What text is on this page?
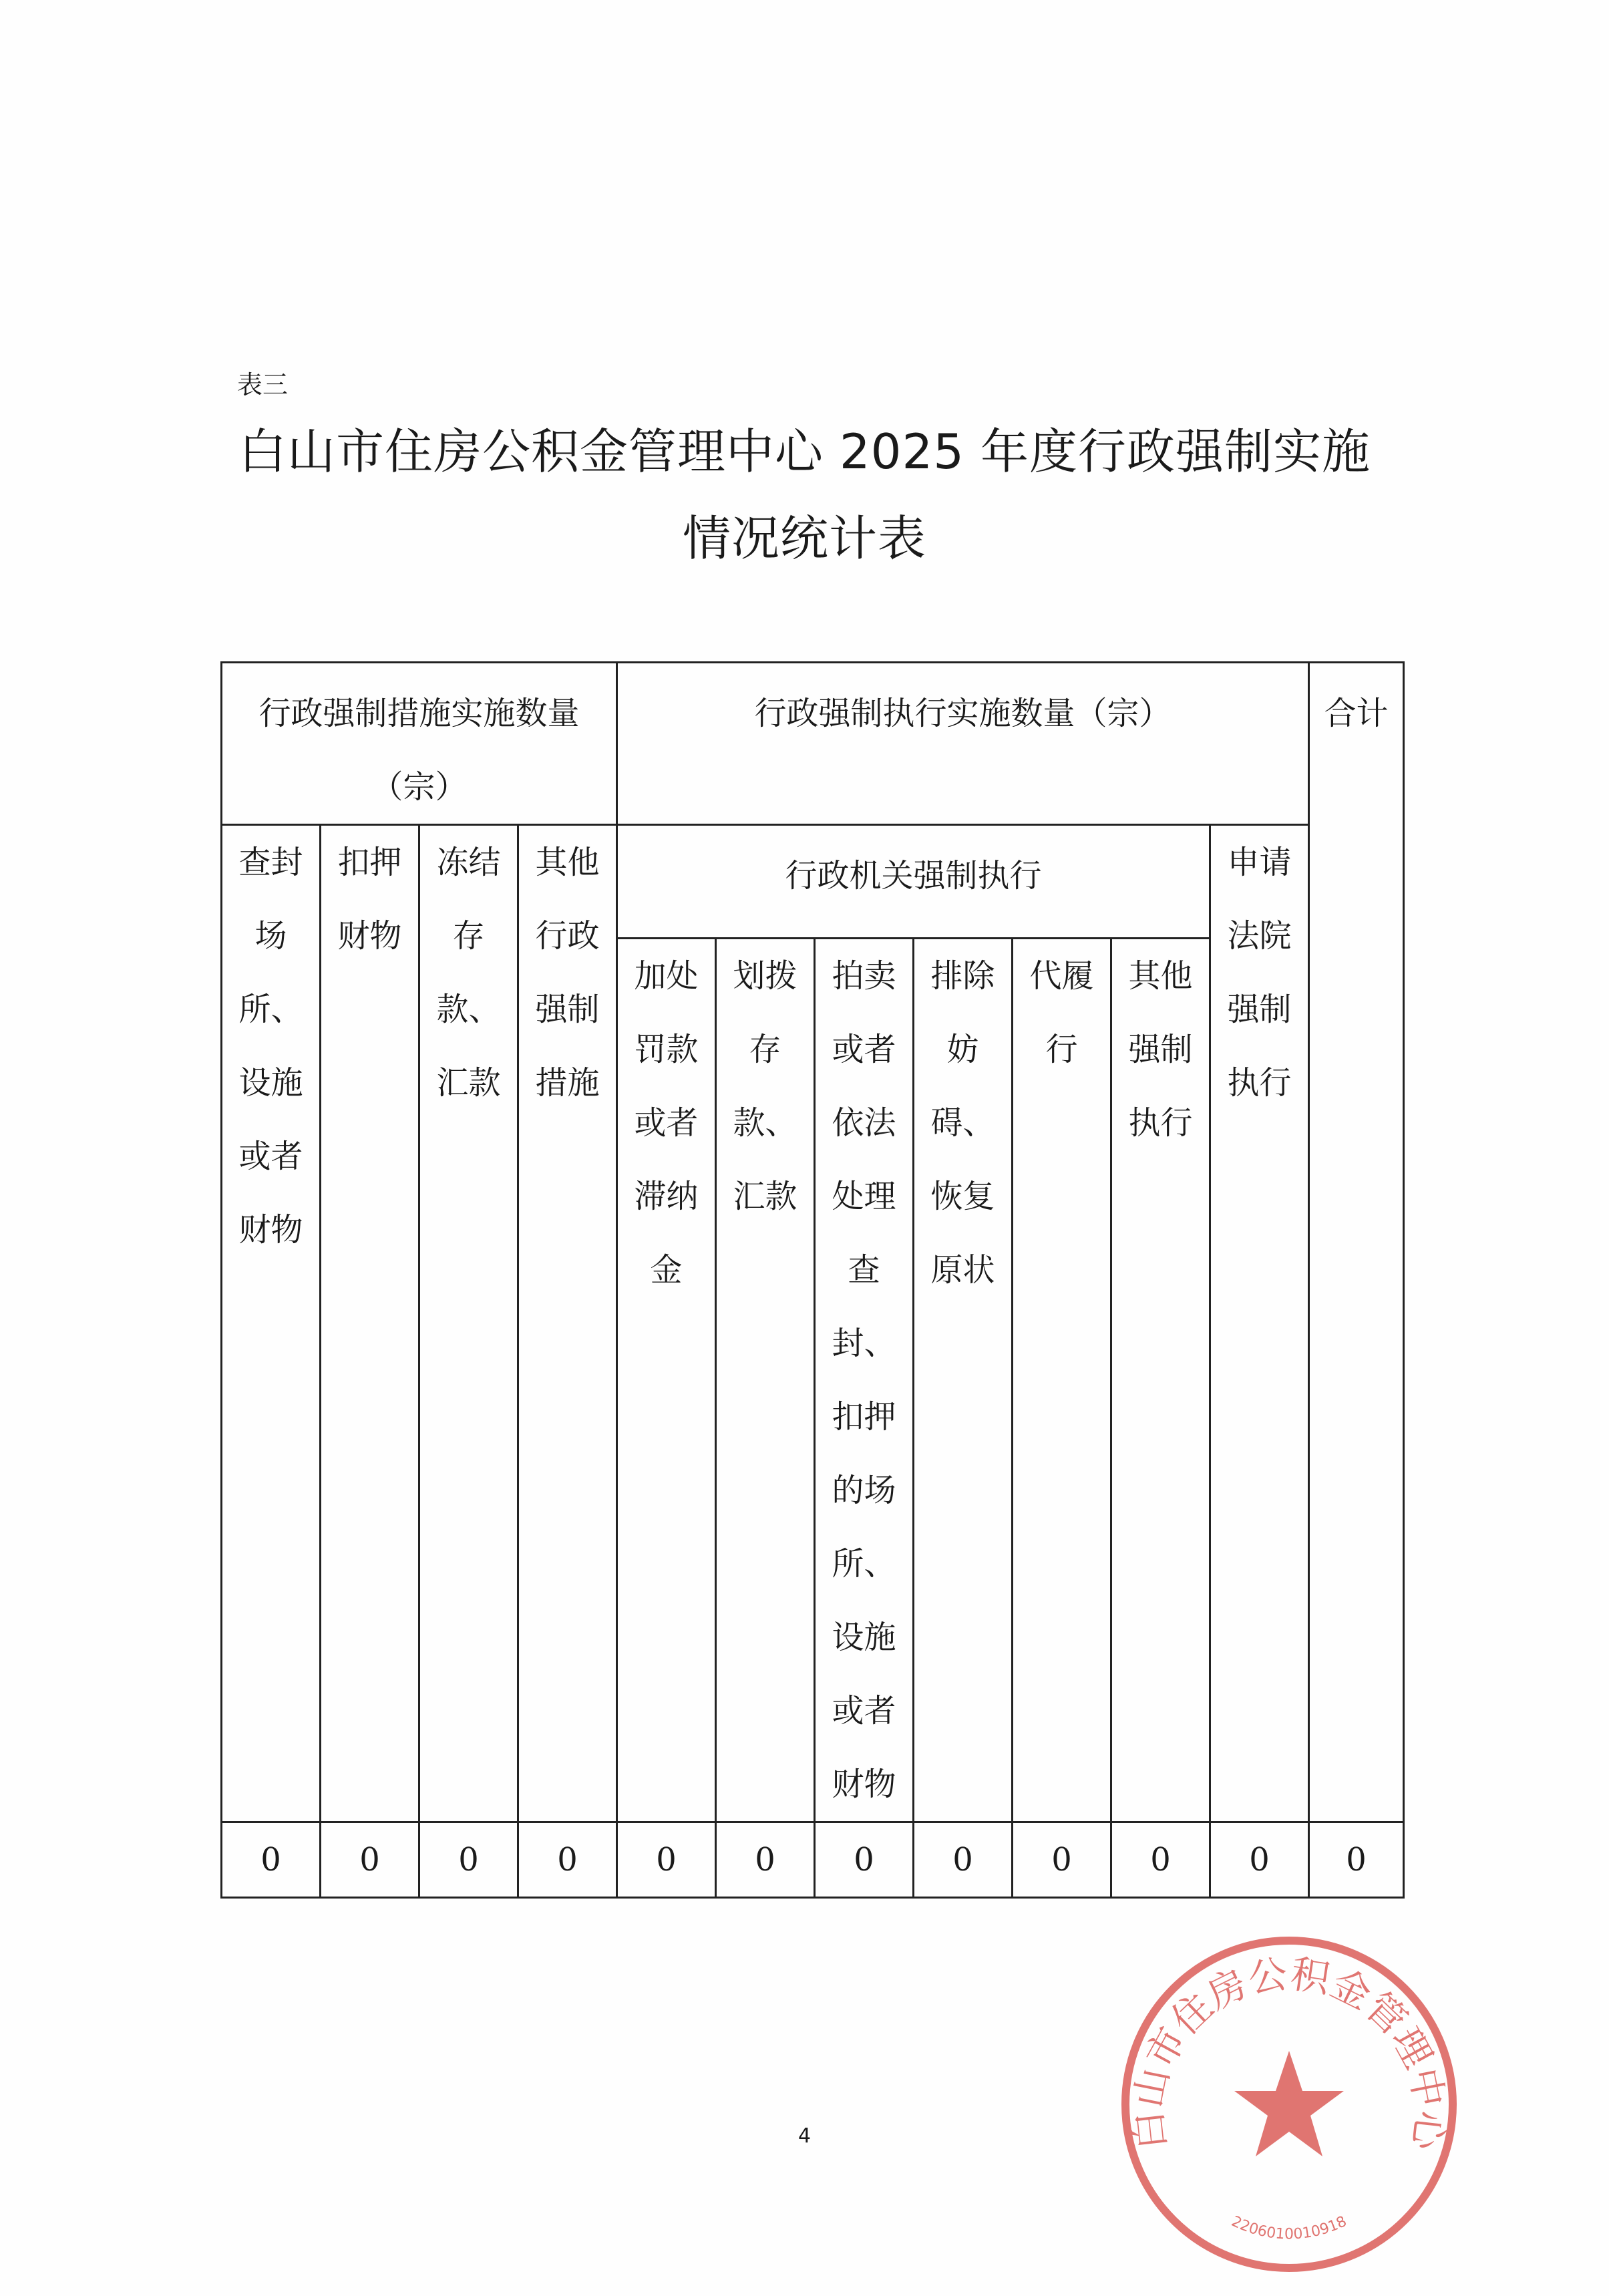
表三
白山市住房公积金管理中心 2025 年度行政强制实施
情况统计表
行政强制措施实施数量（宗）				行政强制执行实施数量（宗）							合计
查封场所、设施或者财物	扣押财物	冻结存款、汇款	其他行政强制措施	行政机关强制执行						申请法院强制执行	
				加处罚款或者滞纳金	划拨存款、汇款	拍卖或者依法处理查封、扣押的场所、设施或者财物	排除妨碍、恢复原状	代履行	其他强制执行		
0	0	0	0	0	0	0	0	0	0	0	0
4	白山市住房公积金管理中心
2206010010918
